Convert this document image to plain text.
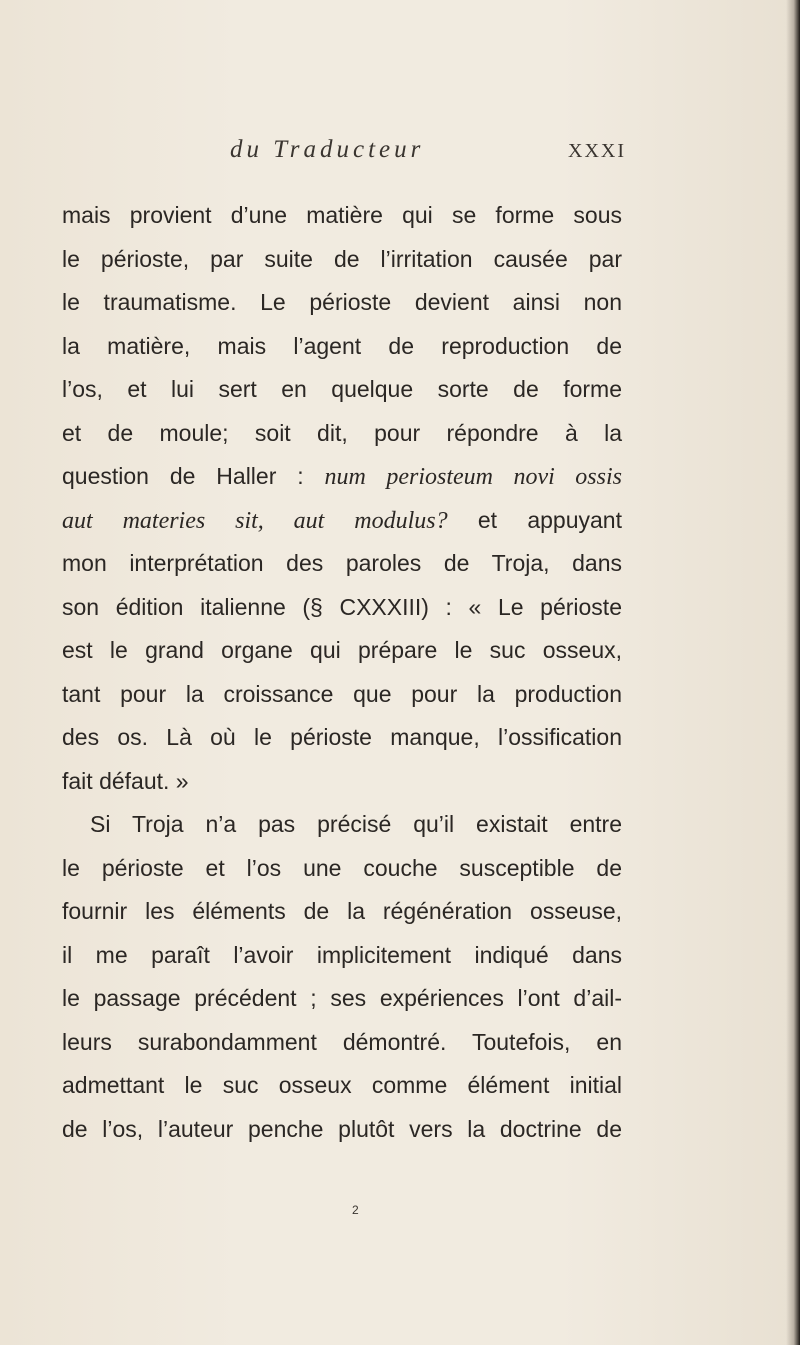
du Traducteur	XXXI
mais provient d’une matière qui se forme sous
le périoste, par suite de l’irritation causée par
le traumatisme. Le périoste devient ainsi non
la matière, mais l’agent de reproduction de
l’os, et lui sert en quelque sorte de forme
et de moule; soit dit, pour répondre à la
question de Haller : num periosteum novi ossis
aut materies sit, aut modulus? et appuyant
mon interprétation des paroles de Troja, dans
son édition italienne (§ CXXXIII) : « Le périoste
est le grand organe qui prépare le suc osseux,
tant pour la croissance que pour la production
des os. Là où le périoste manque, l’ossification
fait défaut. »
Si Troja n’a pas précisé qu’il existait entre
le périoste et l’os une couche susceptible de
fournir les éléments de la régénération osseuse,
il me paraît l’avoir implicitement indiqué dans
le passage précédent ; ses expériences l’ont d’ail-
leurs surabondamment démontré. Toutefois, en
admettant le suc osseux comme élément initial
de l’os, l’auteur penche plutôt vers la doctrine de
2
